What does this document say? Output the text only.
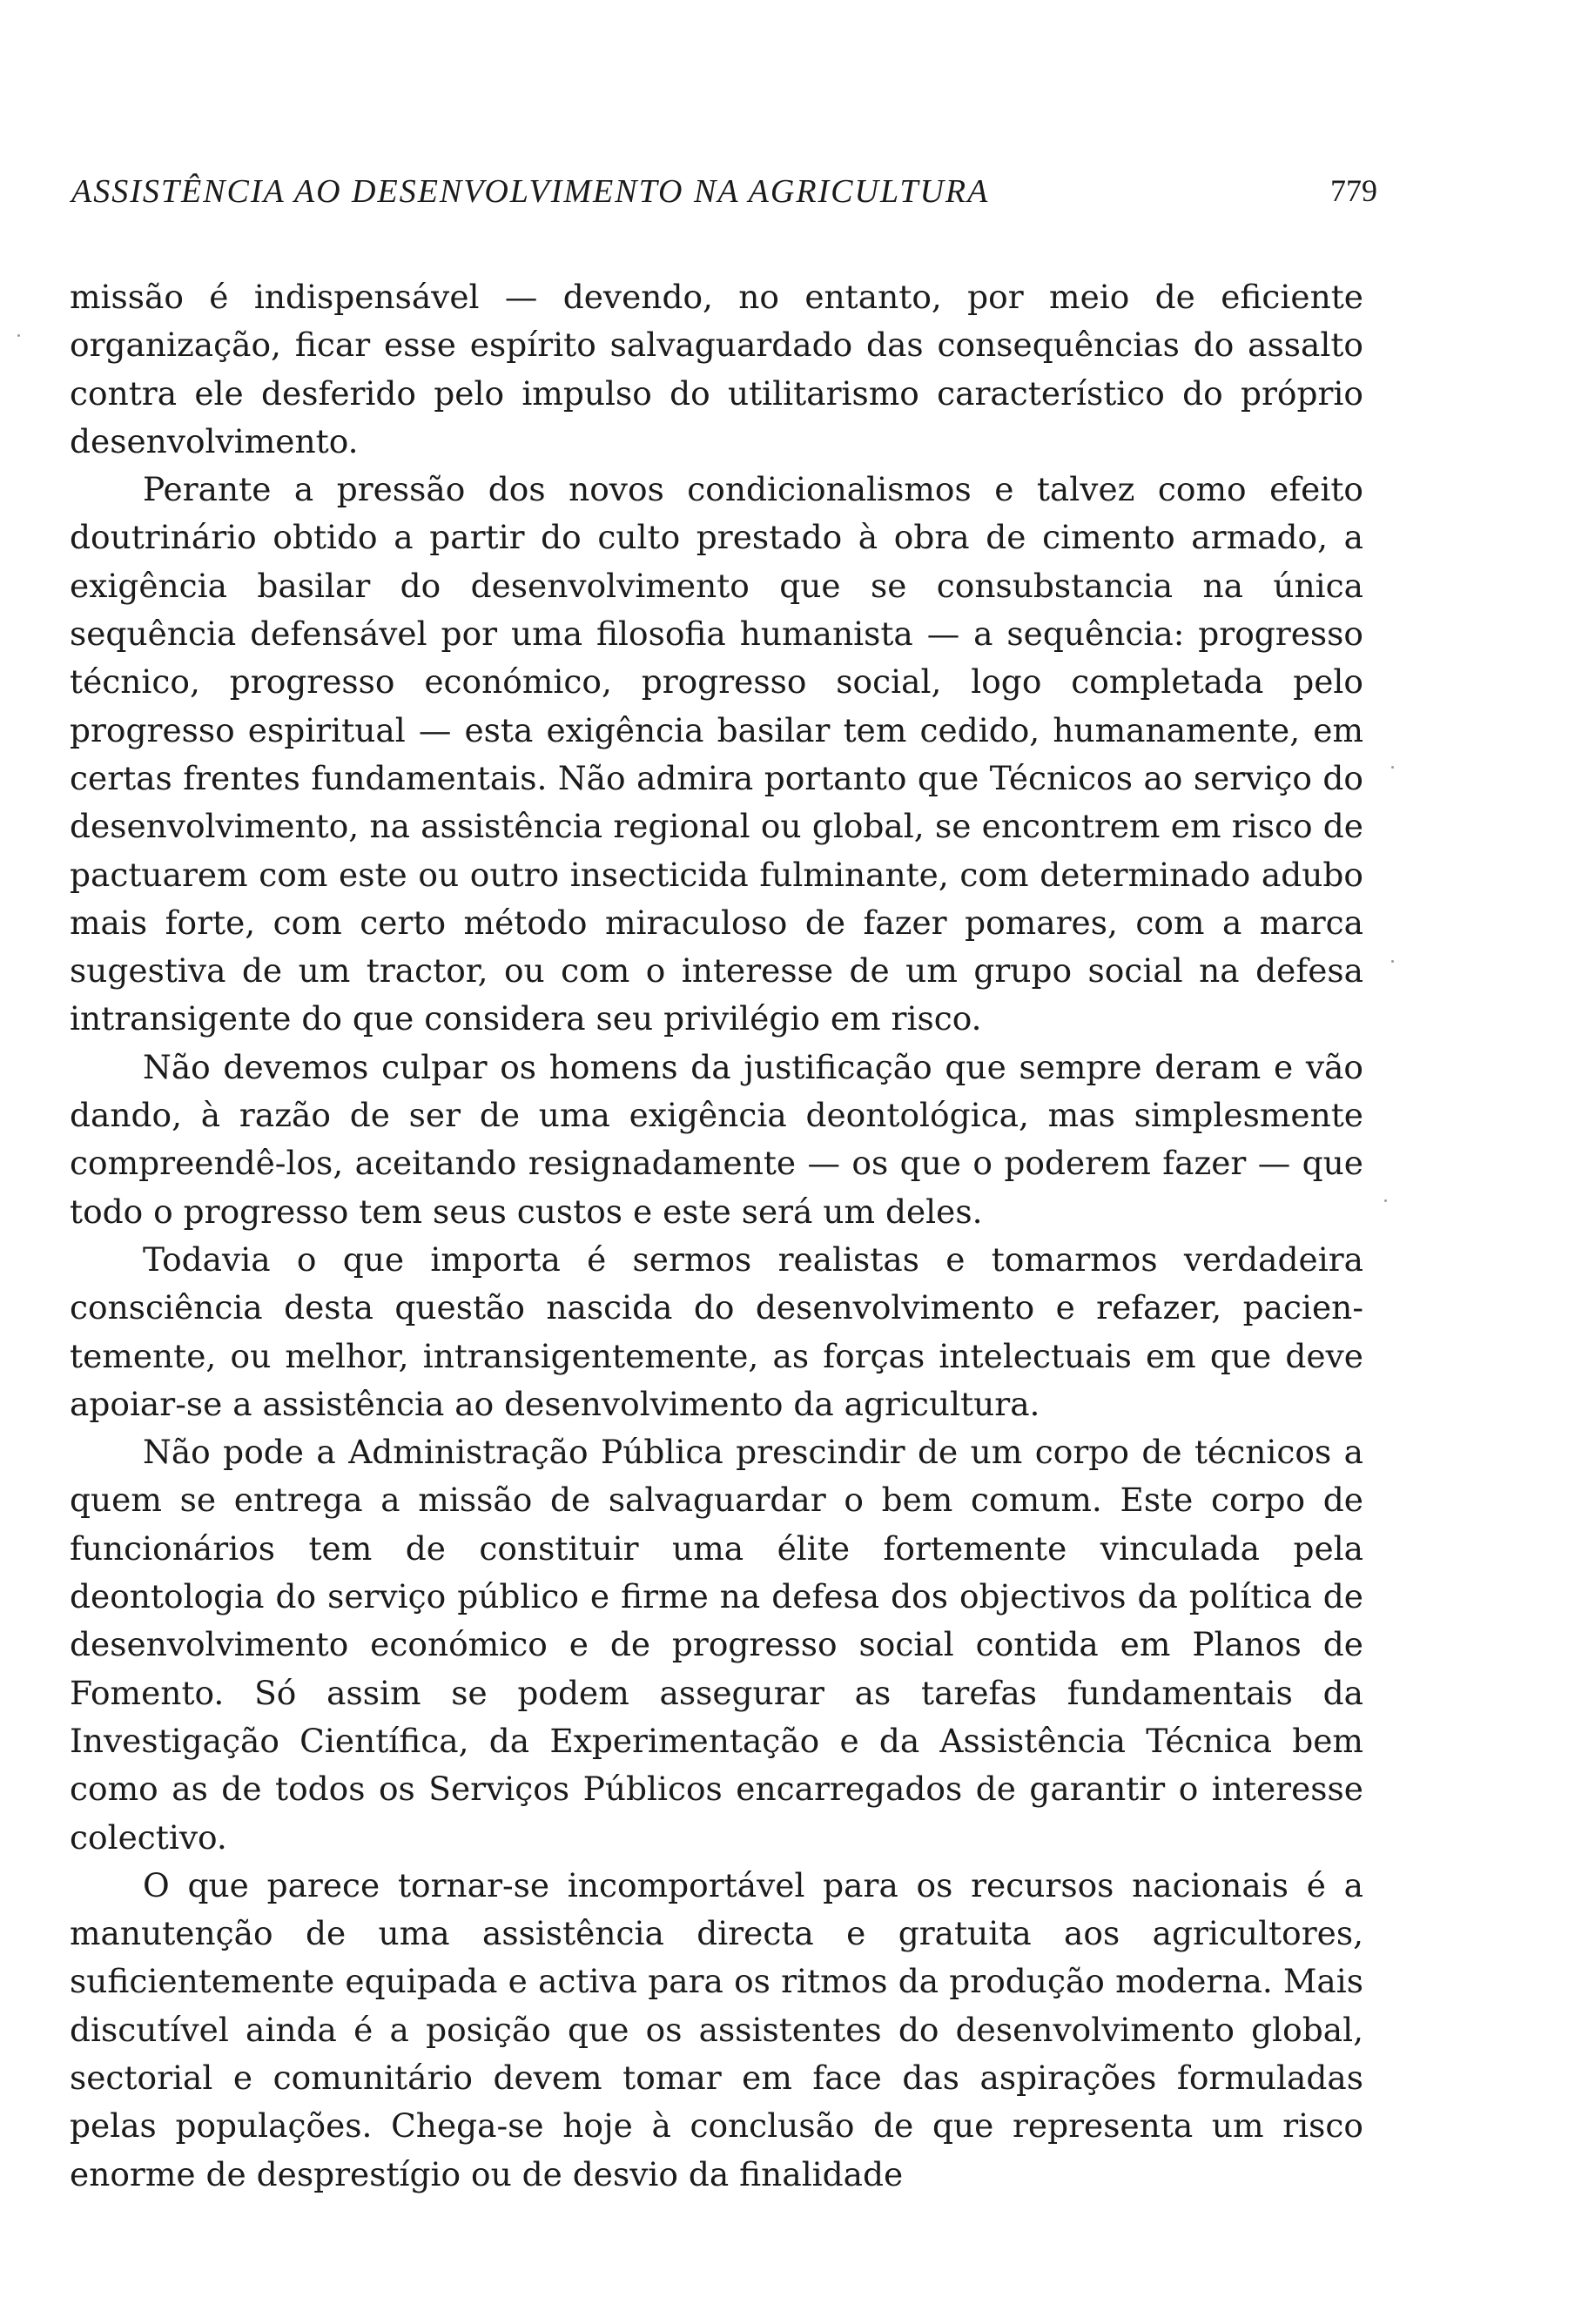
ASSISTÊNCIA AO DESENVOLVIMENTO NA AGRICULTURA	779

missão é indispensável — devendo, no entanto, por meio de eficiente organização, ficar esse espírito salvaguardado das consequências do assalto contra ele desferido pelo impulso do utilitarismo característico do próprio desenvolvimento.

Perante a pressão dos novos condicionalismos e talvez como efeito doutrinário obtido a partir do culto prestado à obra de cimento armado, a exigência basilar do desenvolvimento que se consubstancia na única sequência defensável por uma filosofia humanista — a sequência: progresso técnico, progresso económico, progresso social, logo completada pelo progresso espiritual — esta exigência basilar tem cedido, humanamente, em certas frentes fundamentais. Não admira portanto que Técnicos ao serviço do desenvolvimento, na assistência regional ou global, se encontrem em risco de pactuarem com este ou outro insecticida fulminante, com determinado adubo mais forte, com certo método miraculoso de fazer pomares, com a marca sugestiva de um tractor, ou com o interesse de um grupo social na defesa intransigente do que considera seu privilégio em risco.

Não devemos culpar os homens da justificação que sempre deram e vão dando, à razão de ser de uma exigência deontológica, mas simplesmente compreendê-los, aceitando resignadamente — os que o poderem fazer — que todo o progresso tem seus custos e este será um deles.

Todavia o que importa é sermos realistas e tomarmos verdadeira consciência desta questão nascida do desenvolvimento e refazer, pacientemente, ou melhor, intransigentemente, as forças intelectuais em que deve apoiar-se a assistência ao desenvolvimento da agricultura.

Não pode a Administração Pública prescindir de um corpo de técnicos a quem se entrega a missão de salvaguardar o bem comum. Este corpo de funcionários tem de constituir uma élite fortemente vinculada pela deontologia do serviço público e firme na defesa dos objectivos da política de desenvolvimento económico e de progresso social contida em Planos de Fomento. Só assim se podem assegurar as tarefas fundamentais da Investigação Científica, da Experimentação e da Assistência Técnica bem como as de todos os Serviços Públicos encarregados de garantir o interesse colectivo.

O que parece tornar-se incomportável para os recursos nacionais é a manutenção de uma assistência directa e gratuita aos agricultores, suficientemente equipada e activa para os ritmos da produção moderna. Mais discutível ainda é a posição que os assistentes do desenvolvimento global, sectorial e comunitário devem tomar em face das aspirações formuladas pelas populações. Chega-se hoje à conclusão de que representa um risco enorme de desprestígio ou de desvio da finalidade
